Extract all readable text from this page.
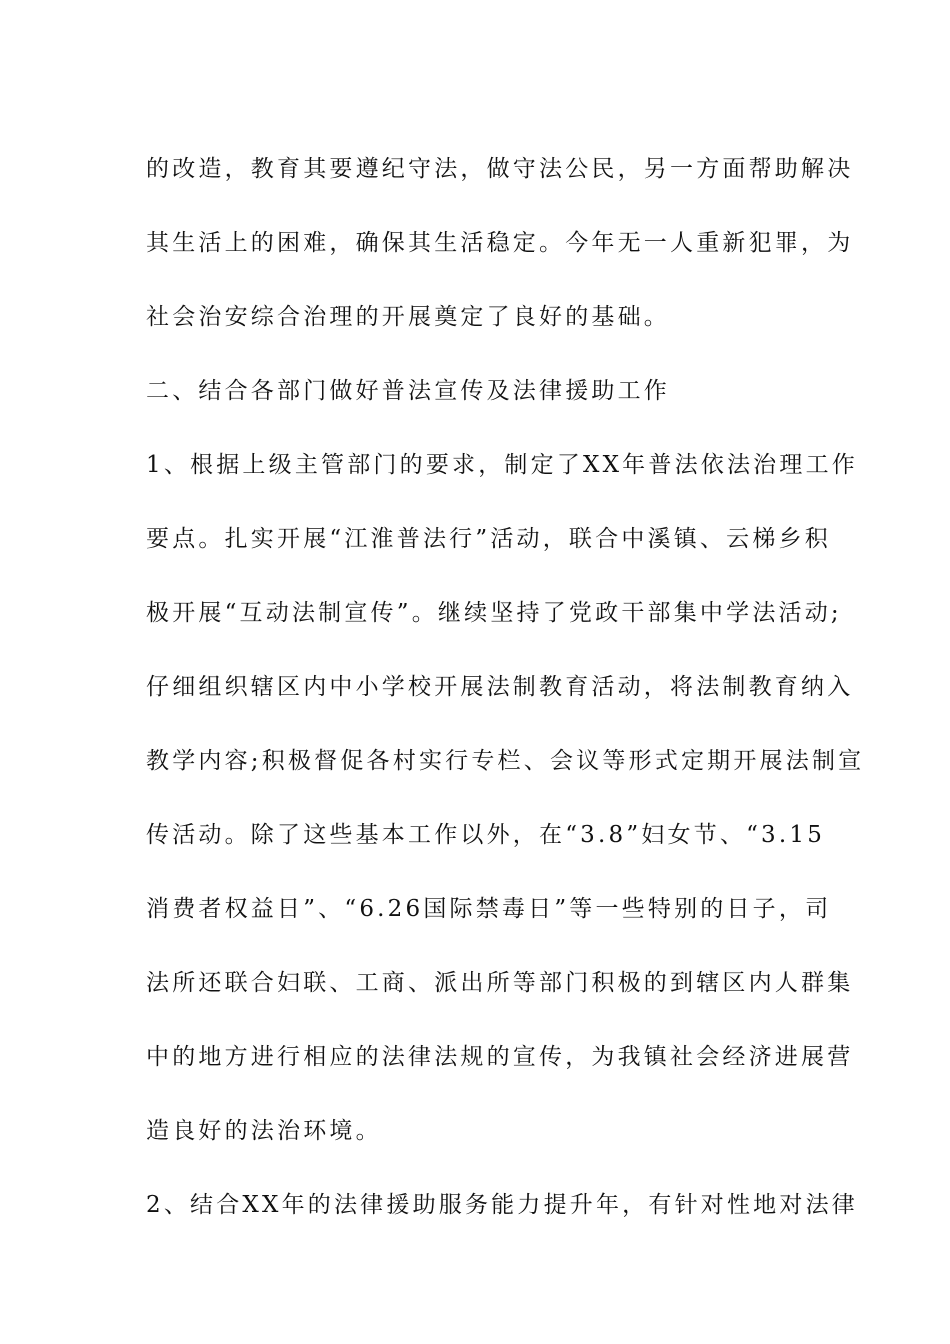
的改造，教育其要遵纪守法，做守法公民，另一方面帮助解决
其生活上的困难，确保其生活稳定。今年无一人重新犯罪，为
社会治安综合治理的开展奠定了良好的基础。
二、结合各部门做好普法宣传及法律援助工作
1、根据上级主管部门的要求，制定了XX年普法依法治理工作
要点。扎实开展“江淮普法行”活动，联合中溪镇、云梯乡积
极开展“互动法制宣传”。继续坚持了党政干部集中学法活动;
仔细组织辖区内中小学校开展法制教育活动，将法制教育纳入
教学内容;积极督促各村实行专栏、会议等形式定期开展法制宣
传活动。除了这些基本工作以外，在“3.8”妇女节、“3.15
消费者权益日”、“6.26国际禁毒日”等一些特别的日子，司
法所还联合妇联、工商、派出所等部门积极的到辖区内人群集
中的地方进行相应的法律法规的宣传，为我镇社会经济进展营
造良好的法治环境。
2、结合XX年的法律援助服务能力提升年，有针对性地对法律
